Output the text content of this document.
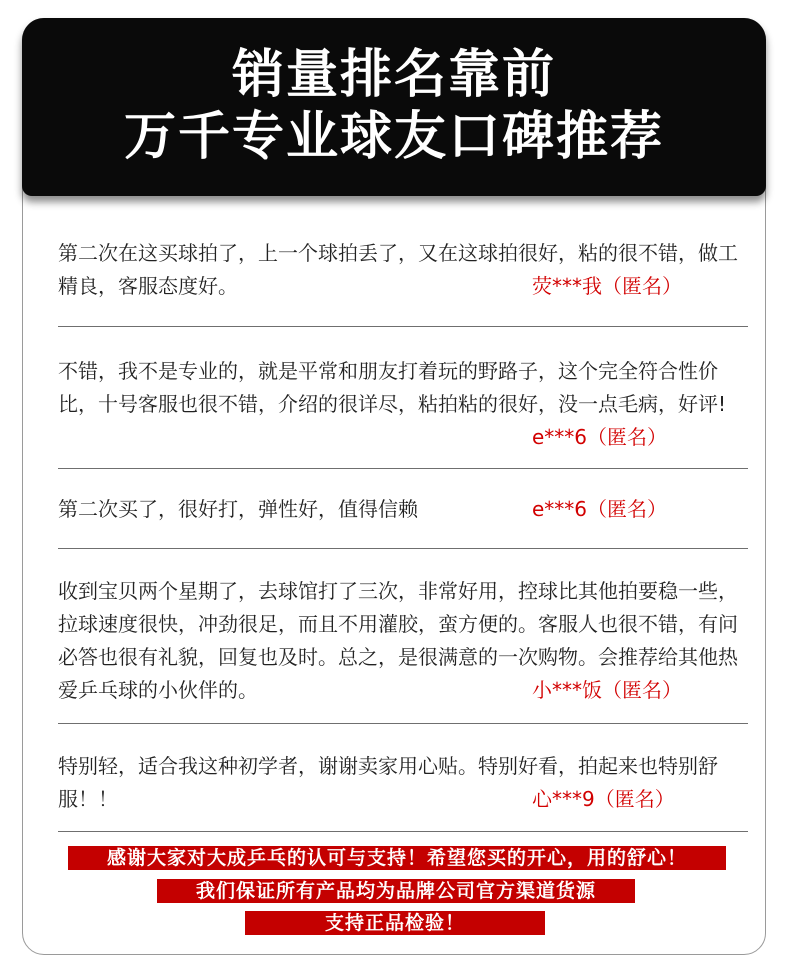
销量排名靠前
万千专业球友口碑推荐

第二次在这买球拍了，上一个球拍丢了，又在这球拍很好，粘的很不错，做工精良，客服态度好。	荧***我（匿名）

不错，我不是专业的，就是平常和朋友打着玩的野路子，这个完全符合性价比，十号客服也很不错，介绍的很详尽，粘拍粘的很好，没一点毛病，好评!

e***6（匿名）

第二次买了，很好打，弹性好，值得信赖	e***6（匿名）

收到宝贝两个星期了，去球馆打了三次，非常好用，控球比其他拍要稳一些，拉球速度很快，冲劲很足，而且不用灌胶，蛮方便的。客服人也很不错，有问必答也很有礼貌，回复也及时。总之，是很满意的一次购物。会推荐给其他热爱乒乓球的小伙伴的。	小***饭（匿名）

特别轻，适合我这种初学者，谢谢卖家用心贴。特别好看，拍起来也特别舒服！！	心***9（匿名）
感谢大家对大成乒乓的认可与支持！希望您买的开心，用的舒心！
我们保证所有产品均为品牌公司官方渠道货源
支持正品检验！
